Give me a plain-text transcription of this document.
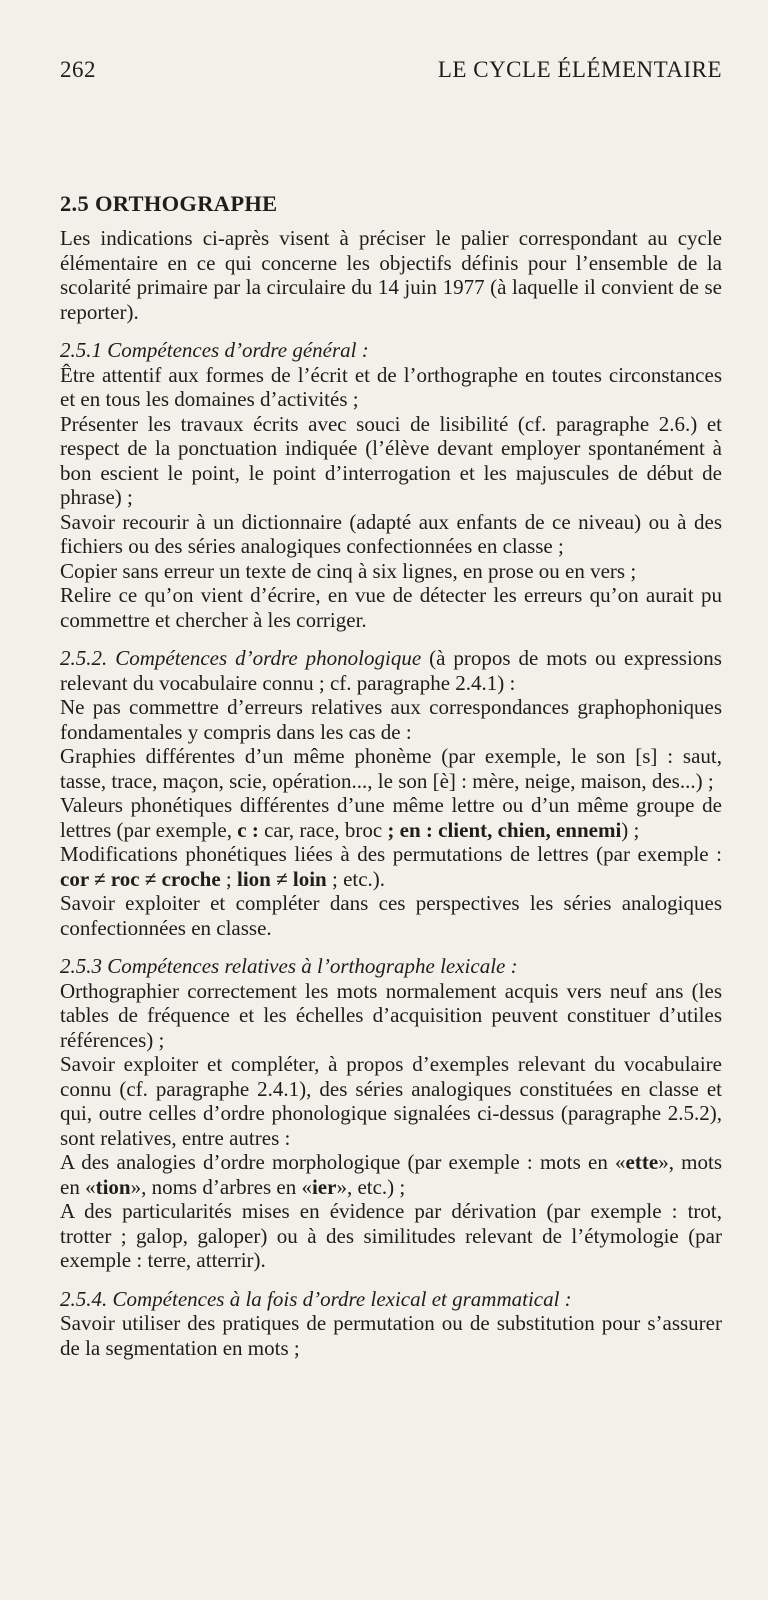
262	LE CYCLE ÉLÉMENTAIRE
2.5 ORTHOGRAPHE

Les indications ci-après visent à préciser le palier correspondant au cycle élémentaire en ce qui concerne les objectifs définis pour l’ensemble de la scolarité primaire par la circulaire du 14 juin 1977 (à laquelle il convient de se reporter).

2.5.1 Compétences d’ordre général :

Être attentif aux formes de l’écrit et de l’orthographe en toutes circonstances et en tous les domaines d’activités ;

Présenter les travaux écrits avec souci de lisibilité (cf. paragraphe 2.6.) et respect de la ponctuation indiquée (l’élève devant employer spontanément à bon escient le point, le point d’interrogation et les majuscules de début de phrase) ;

Savoir recourir à un dictionnaire (adapté aux enfants de ce niveau) ou à des fichiers ou des séries analogiques confectionnées en classe ;

Copier sans erreur un texte de cinq à six lignes, en prose ou en vers ;

Relire ce qu’on vient d’écrire, en vue de détecter les erreurs qu’on aurait pu commettre et chercher à les corriger.

2.5.2. Compétences d’ordre phonologique (à propos de mots ou expressions relevant du vocabulaire connu ; cf. paragraphe 2.4.1) :

Ne pas commettre d’erreurs relatives aux correspondances graphophoniques fondamentales y compris dans les cas de :

Graphies différentes d’un même phonème (par exemple, le son [s] : saut, tasse, trace, maçon, scie, opération..., le son [è] : mère, neige, maison, des...) ;

Valeurs phonétiques différentes d’une même lettre ou d’un même groupe de lettres (par exemple, c : car, race, broc ; en : client, chien, ennemi) ;

Modifications phonétiques liées à des permutations de lettres (par exemple : cor ≠ roc ≠ croche ; lion ≠ loin ; etc.).

Savoir exploiter et compléter dans ces perspectives les séries analogiques confectionnées en classe.

2.5.3 Compétences relatives à l’orthographe lexicale :

Orthographier correctement les mots normalement acquis vers neuf ans (les tables de fréquence et les échelles d’acquisition peuvent constituer d’utiles références) ;

Savoir exploiter et compléter, à propos d’exemples relevant du vocabulaire connu (cf. paragraphe 2.4.1), des séries analogiques constituées en classe et qui, outre celles d’ordre phonologique signalées ci-dessus (paragraphe 2.5.2), sont relatives, entre autres :

A des analogies d’ordre morphologique (par exemple : mots en «ette», mots en «tion», noms d’arbres en «ier», etc.) ;

A des particularités mises en évidence par dérivation (par exemple : trot, trotter ; galop, galoper) ou à des similitudes relevant de l’étymologie (par exemple : terre, atterrir).

2.5.4. Compétences à la fois d’ordre lexical et grammatical :

Savoir utiliser des pratiques de permutation ou de substitution pour s’assurer de la segmentation en mots ;
